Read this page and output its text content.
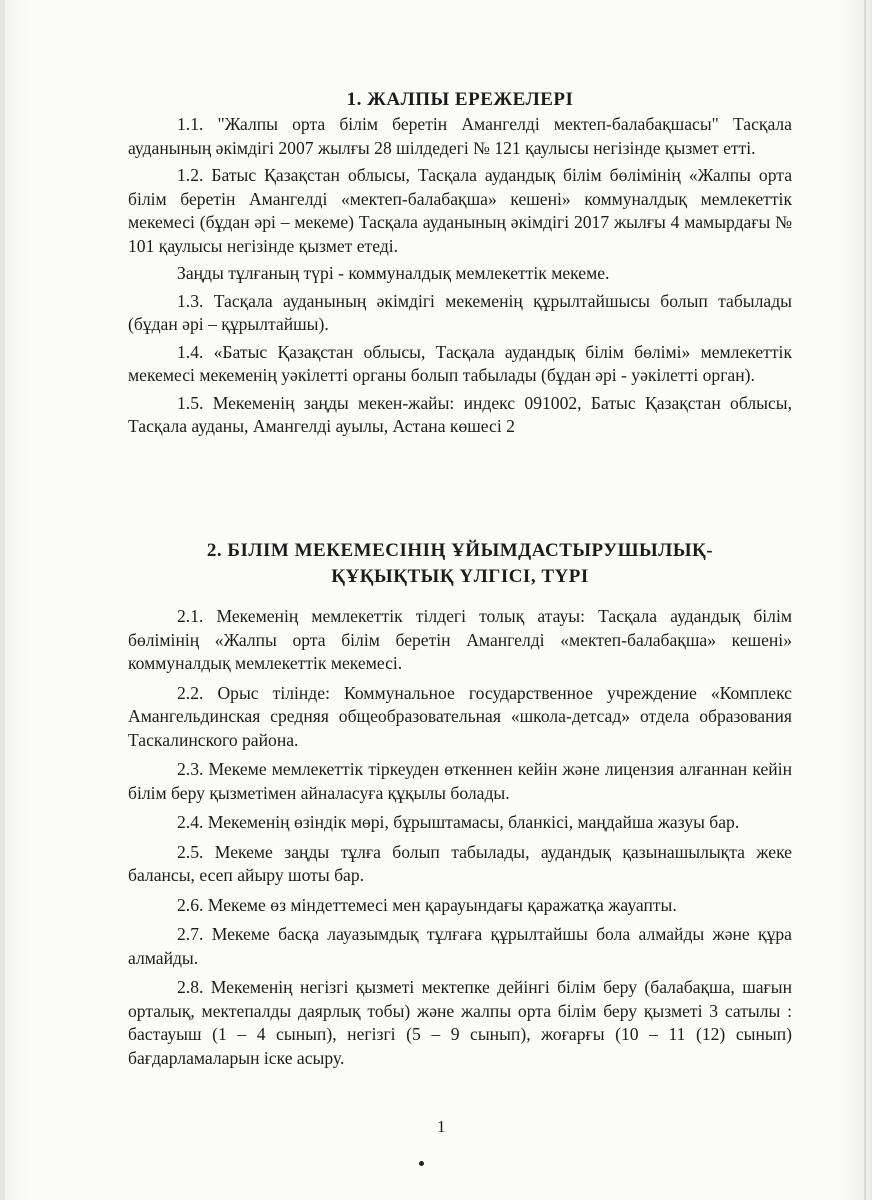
1. ЖАЛПЫ ЕРЕЖЕЛЕРІ

1.1. "Жалпы орта білім беретін Амангелді мектеп-балабақшасы" Тасқала ауданының әкімдігі 2007 жылғы 28 шілдедегі № 121 қаулысы негізінде қызмет етті.

1.2. Батыс Қазақстан облысы, Тасқала аудандық білім бөлімінің «Жалпы орта білім беретін Амангелді «мектеп-балабақша» кешені» коммуналдық мемлекеттік мекемесі (бұдан әрі – мекеме) Тасқала ауданының әкімдігі 2017 жылғы 4 мамырдағы № 101 қаулысы негізінде қызмет етеді.

Заңды тұлғаның түрі - коммуналдық мемлекеттік мекеме.

1.3. Тасқала ауданының әкімдігі мекеменің құрылтайшысы болып табылады (бұдан әрі – құрылтайшы).

1.4. «Батыс Қазақстан облысы, Тасқала аудандық білім бөлімі» мемлекеттік мекемесі мекеменің уәкілетті органы болып табылады (бұдан әрі - уәкілетті орган).

1.5. Мекеменің заңды мекен-жайы: индекс 091002, Батыс Қазақстан облысы, Тасқала ауданы, Амангелді ауылы, Астана көшесі 2

2. БІЛІМ МЕКЕМЕСІНІҢ ҰЙЫМДАСТЫРУШЫЛЫҚ-
ҚҰҚЫҚТЫҚ ҮЛГІСІ, ТҮРІ

2.1. Мекеменің мемлекеттік тілдегі толық атауы: Тасқала аудандық білім бөлімінің «Жалпы орта білім беретін Амангелді «мектеп-балабақша» кешені» коммуналдық мемлекеттік мекемесі.

2.2. Орыс тілінде: Коммунальное государственное учреждение «Комплекс Амангельдинская средняя общеобразовательная «школа-детсад» отдела образования Таскалинского района.

2.3. Мекеме мемлекеттік тіркеуден өткеннен кейін және лицензия алғаннан кейін білім беру қызметімен айналасуға құқылы болады.

2.4. Мекеменің өзіндік мөрі, бұрыштамасы, бланкісі, маңдайша жазуы бар.

2.5. Мекеме заңды тұлға болып табылады, аудандық қазынашылықта жеке балансы, есеп айыру шоты бар.

2.6. Мекеме өз міндеттемесі мен қарауындағы қаражатқа жауапты.

2.7. Мекеме басқа лауазымдық тұлғаға құрылтайшы бола алмайды және құра алмайды.

2.8. Мекеменің негізгі қызметі мектепке дейінгі білім беру (балабақша, шағын орталық, мектепалды даярлық тобы) және жалпы орта білім беру қызметі 3 сатылы : бастауыш (1 – 4 сынып), негізгі (5 – 9 сынып), жоғарғы (10 – 11 (12) сынып) бағдарламаларын іске асыру.

1
